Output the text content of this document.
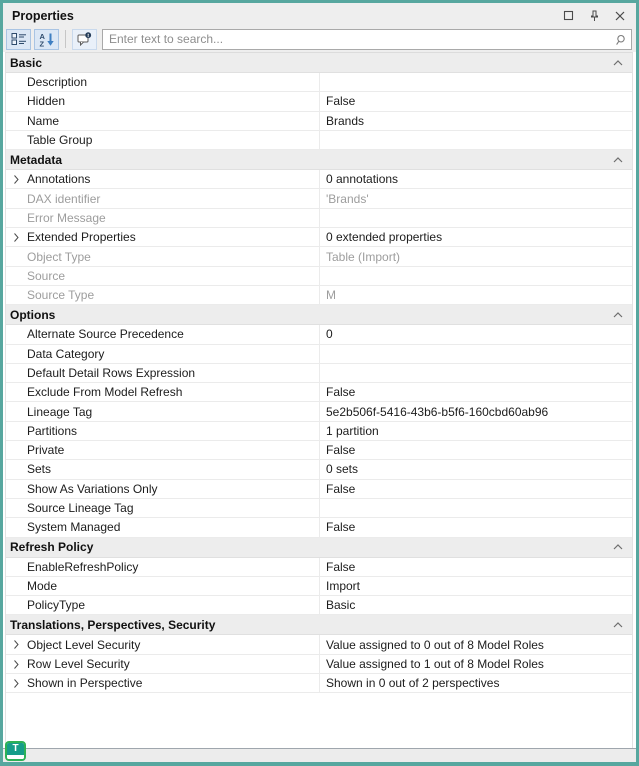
Properties
A
Z
Enter text to search...
Basic
Description
Hidden	False
Name	Brands
Table Group
Metadata
Annotations	0 annotations
DAX identifier	'Brands'
Error Message
Extended Properties	0 extended properties
Object Type	Table (Import)
Source
Source Type	M
Options
Alternate Source Precedence	0
Data Category
Default Detail Rows Expression
Exclude From Model Refresh	False
Lineage Tag	5e2b506f-5416-43b6-b5f6-160cbd60ab96
Partitions	1 partition
Private	False
Sets	0 sets
Show As Variations Only	False
Source Lineage Tag
System Managed	False
Refresh Policy
EnableRefreshPolicy	False
Mode	Import
PolicyType	Basic
Translations, Perspectives, Security
Object Level Security	Value assigned to 0 out of 8 Model Roles
Row Level Security	Value assigned to 1 out of 8 Model Roles
Shown in Perspective	Shown in 0 out of 2 perspectives
T
